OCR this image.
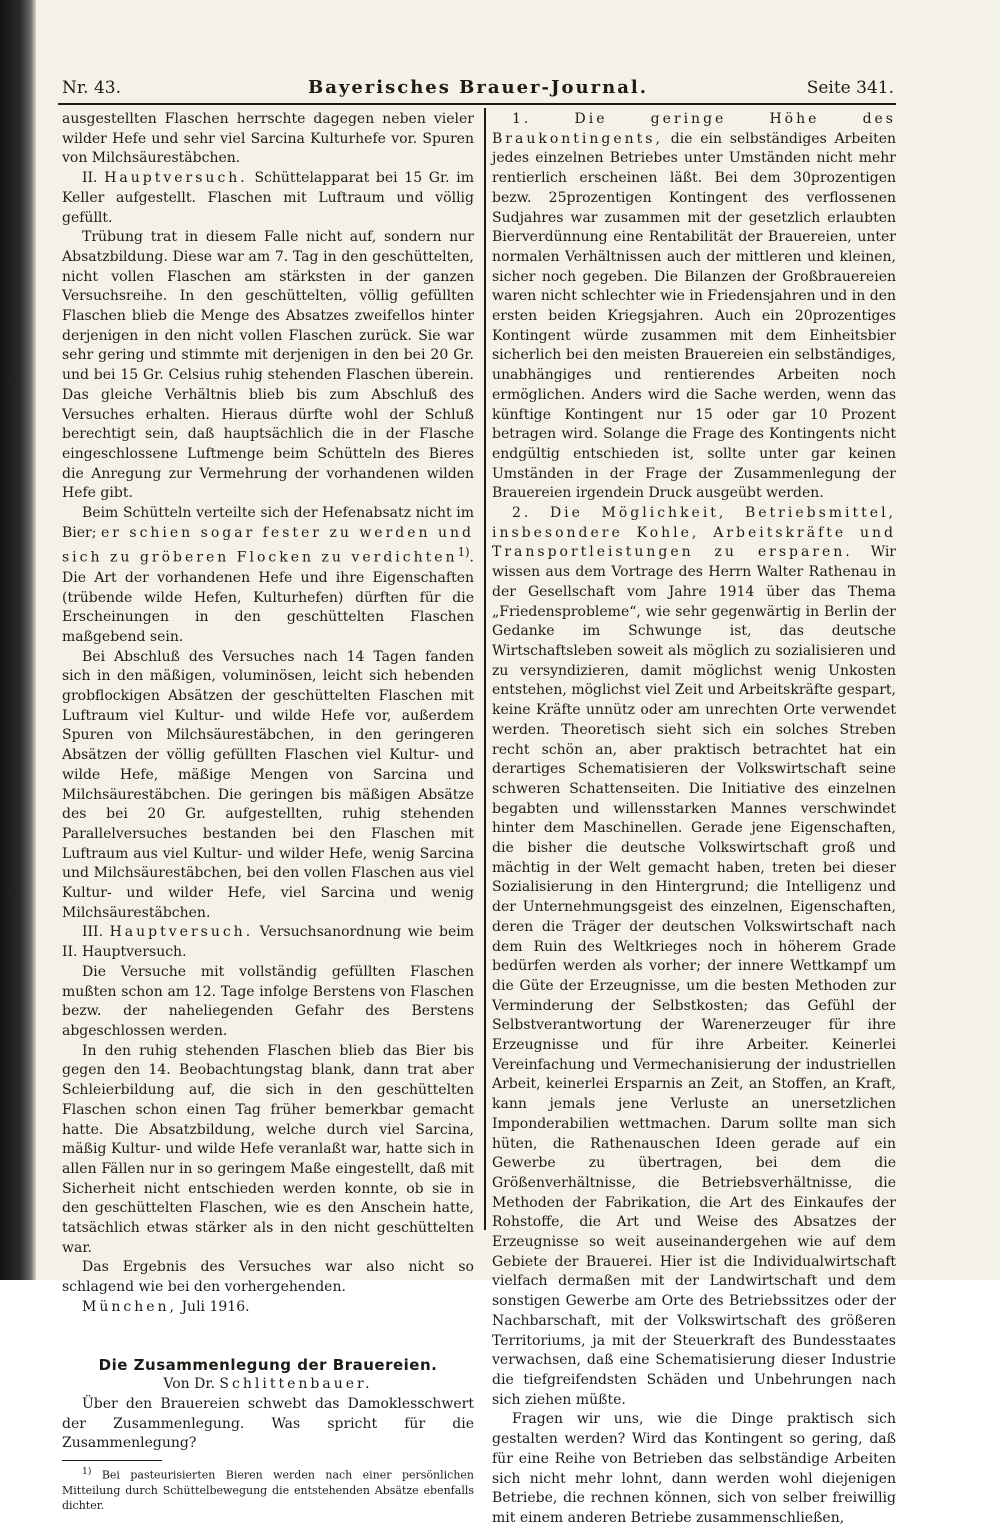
Nr. 43.	Bayerisches Brauer-Journal.	Seite 341.

ausgestellten Flaschen herrschte dagegen neben vieler wilder Hefe und sehr viel Sarcina Kulturhefe vor. Spuren von Milchsäurestäbchen.

II. Hauptversuch. Schüttelapparat bei 15 Gr. im Keller aufgestellt. Flaschen mit Luftraum und völlig gefüllt.

Trübung trat in diesem Falle nicht auf, sondern nur Absatzbildung. Diese war am 7. Tag in den geschüttelten, nicht vollen Flaschen am stärksten in der ganzen Versuchsreihe. In den geschüttelten, völlig gefüllten Flaschen blieb die Menge des Absatzes zweifellos hinter derjenigen in den nicht vollen Flaschen zurück. Sie war sehr gering und stimmte mit derjenigen in den bei 20 Gr. und bei 15 Gr. Celsius ruhig stehenden Flaschen überein. Das gleiche Verhältnis blieb bis zum Abschluß des Versuches erhalten. Hieraus dürfte wohl der Schluß berechtigt sein, daß hauptsächlich die in der Flasche eingeschlossene Luftmenge beim Schütteln des Bieres die Anregung zur Vermehrung der vorhandenen wilden Hefe gibt.

Beim Schütteln verteilte sich der Hefenabsatz nicht im Bier; er schien sogar fester zu werden und sich zu gröberen Flocken zu verdichten$^{1)}$. Die Art der vorhandenen Hefe und ihre Eigenschaften (trübende wilde Hefen, Kulturhefen) dürften für die Erscheinungen in den geschüttelten Flaschen maßgebend sein.

Bei Abschluß des Versuches nach 14 Tagen fanden sich in den mäßigen, voluminösen, leicht sich hebenden grobflockigen Absätzen der geschüttelten Flaschen mit Luftraum viel Kultur- und wilde Hefe vor, außerdem Spuren von Milchsäurestäbchen, in den geringeren Absätzen der völlig gefüllten Flaschen viel Kultur- und wilde Hefe, mäßige Mengen von Sarcina und Milchsäurestäbchen. Die geringen bis mäßigen Absätze des bei 20 Gr. aufgestellten, ruhig stehenden Parallelversuches bestanden bei den Flaschen mit Luftraum aus viel Kultur- und wilder Hefe, wenig Sarcina und Milchsäurestäbchen, bei den vollen Flaschen aus viel Kultur- und wilder Hefe, viel Sarcina und wenig Milchsäurestäbchen.

III. Hauptversuch. Versuchsanordnung wie beim II. Hauptversuch.

Die Versuche mit vollständig gefüllten Flaschen mußten schon am 12. Tage infolge Berstens von Flaschen bezw. der naheliegenden Gefahr des Berstens abgeschlossen werden.

In den ruhig stehenden Flaschen blieb das Bier bis gegen den 14. Beobachtungstag blank, dann trat aber Schleierbildung auf, die sich in den geschüttelten Flaschen schon einen Tag früher bemerkbar gemacht hatte. Die Absatzbildung, welche durch viel Sarcina, mäßig Kultur- und wilde Hefe veranlaßt war, hatte sich in allen Fällen nur in so geringem Maße eingestellt, daß mit Sicherheit nicht entschieden werden konnte, ob sie in den geschüttelten Flaschen, wie es den Anschein hatte, tatsächlich etwas stärker als in den nicht geschüttelten war.

Das Ergebnis des Versuches war also nicht so schlagend wie bei den vorhergehenden.

München, Juli 1916.

Die Zusammenlegung der Brauereien.

Von Dr. Schlittenbauer.

Über den Brauereien schwebt das Damoklesschwert der Zusammenlegung. Was spricht für die Zusammenlegung?

$^{1)}$ Bei pasteurisierten Bieren werden nach einer persönlichen Mitteilung durch Schüttelbewegung die entstehenden Absätze ebenfalls dichter.

1. Die geringe Höhe des Braukontingents, die ein selbständiges Arbeiten jedes einzelnen Betriebes unter Umständen nicht mehr rentierlich erscheinen läßt. Bei dem 30prozentigen bezw. 25prozentigen Kontingent des verflossenen Sudjahres war zusammen mit der gesetzlich erlaubten Bierverdünnung eine Rentabilität der Brauereien, unter normalen Verhältnissen auch der mittleren und kleinen, sicher noch gegeben. Die Bilanzen der Großbrauereien waren nicht schlechter wie in Friedensjahren und in den ersten beiden Kriegsjahren. Auch ein 20prozentiges Kontingent würde zusammen mit dem Einheitsbier sicherlich bei den meisten Brauereien ein selbständiges, unabhängiges und rentierendes Arbeiten noch ermöglichen. Anders wird die Sache werden, wenn das künftige Kontingent nur 15 oder gar 10 Prozent betragen wird. Solange die Frage des Kontingents nicht endgültig entschieden ist, sollte unter gar keinen Umständen in der Frage der Zusammenlegung der Brauereien irgendein Druck ausgeübt werden.

2. Die Möglichkeit, Betriebsmittel, insbesondere Kohle, Arbeitskräfte und Transportleistungen zu ersparen. Wir wissen aus dem Vortrage des Herrn Walter Rathenau in der Gesellschaft vom Jahre 1914 über das Thema „Friedensprobleme“, wie sehr gegenwärtig in Berlin der Gedanke im Schwunge ist, das deutsche Wirtschaftsleben soweit als möglich zu sozialisieren und zu versyndizieren, damit möglichst wenig Unkosten entstehen, möglichst viel Zeit und Arbeitskräfte gespart, keine Kräfte unnütz oder am unrechten Orte verwendet werden. Theoretisch sieht sich ein solches Streben recht schön an, aber praktisch betrachtet hat ein derartiges Schematisieren der Volkswirtschaft seine schweren Schattenseiten. Die Initiative des einzelnen begabten und willensstarken Mannes verschwindet hinter dem Maschinellen. Gerade jene Eigenschaften, die bisher die deutsche Volkswirtschaft groß und mächtig in der Welt gemacht haben, treten bei dieser Sozialisierung in den Hintergrund; die Intelligenz und der Unternehmungsgeist des einzelnen, Eigenschaften, deren die Träger der deutschen Volkswirtschaft nach dem Ruin des Weltkrieges noch in höherem Grade bedürfen werden als vorher; der innere Wettkampf um die Güte der Erzeugnisse, um die besten Methoden zur Verminderung der Selbstkosten; das Gefühl der Selbstverantwortung der Warenerzeuger für ihre Erzeugnisse und für ihre Arbeiter. Keinerlei Vereinfachung und Vermechanisierung der industriellen Arbeit, keinerlei Ersparnis an Zeit, an Stoffen, an Kraft, kann jemals jene Verluste an unersetzlichen Imponderabilien wettmachen. Darum sollte man sich hüten, die Rathenauschen Ideen gerade auf ein Gewerbe zu übertragen, bei dem die Größenverhältnisse, die Betriebsverhältnisse, die Methoden der Fabrikation, die Art des Einkaufes der Rohstoffe, die Art und Weise des Absatzes der Erzeugnisse so weit auseinandergehen wie auf dem Gebiete der Brauerei. Hier ist die Individualwirtschaft vielfach dermaßen mit der Landwirtschaft und dem sonstigen Gewerbe am Orte des Betriebssitzes oder der Nachbarschaft, mit der Volkswirtschaft des größeren Territoriums, ja mit der Steuerkraft des Bundesstaates verwachsen, daß eine Schematisierung dieser Industrie die tiefgreifendsten Schäden und Unbehrungen nach sich ziehen müßte.

Fragen wir uns, wie die Dinge praktisch sich gestalten werden? Wird das Kontingent so gering, daß für eine Reihe von Betrieben das selbständige Arbeiten sich nicht mehr lohnt, dann werden wohl diejenigen Betriebe, die rechnen können, sich von selber freiwillig mit einem anderen Betriebe zusammenschließen,
